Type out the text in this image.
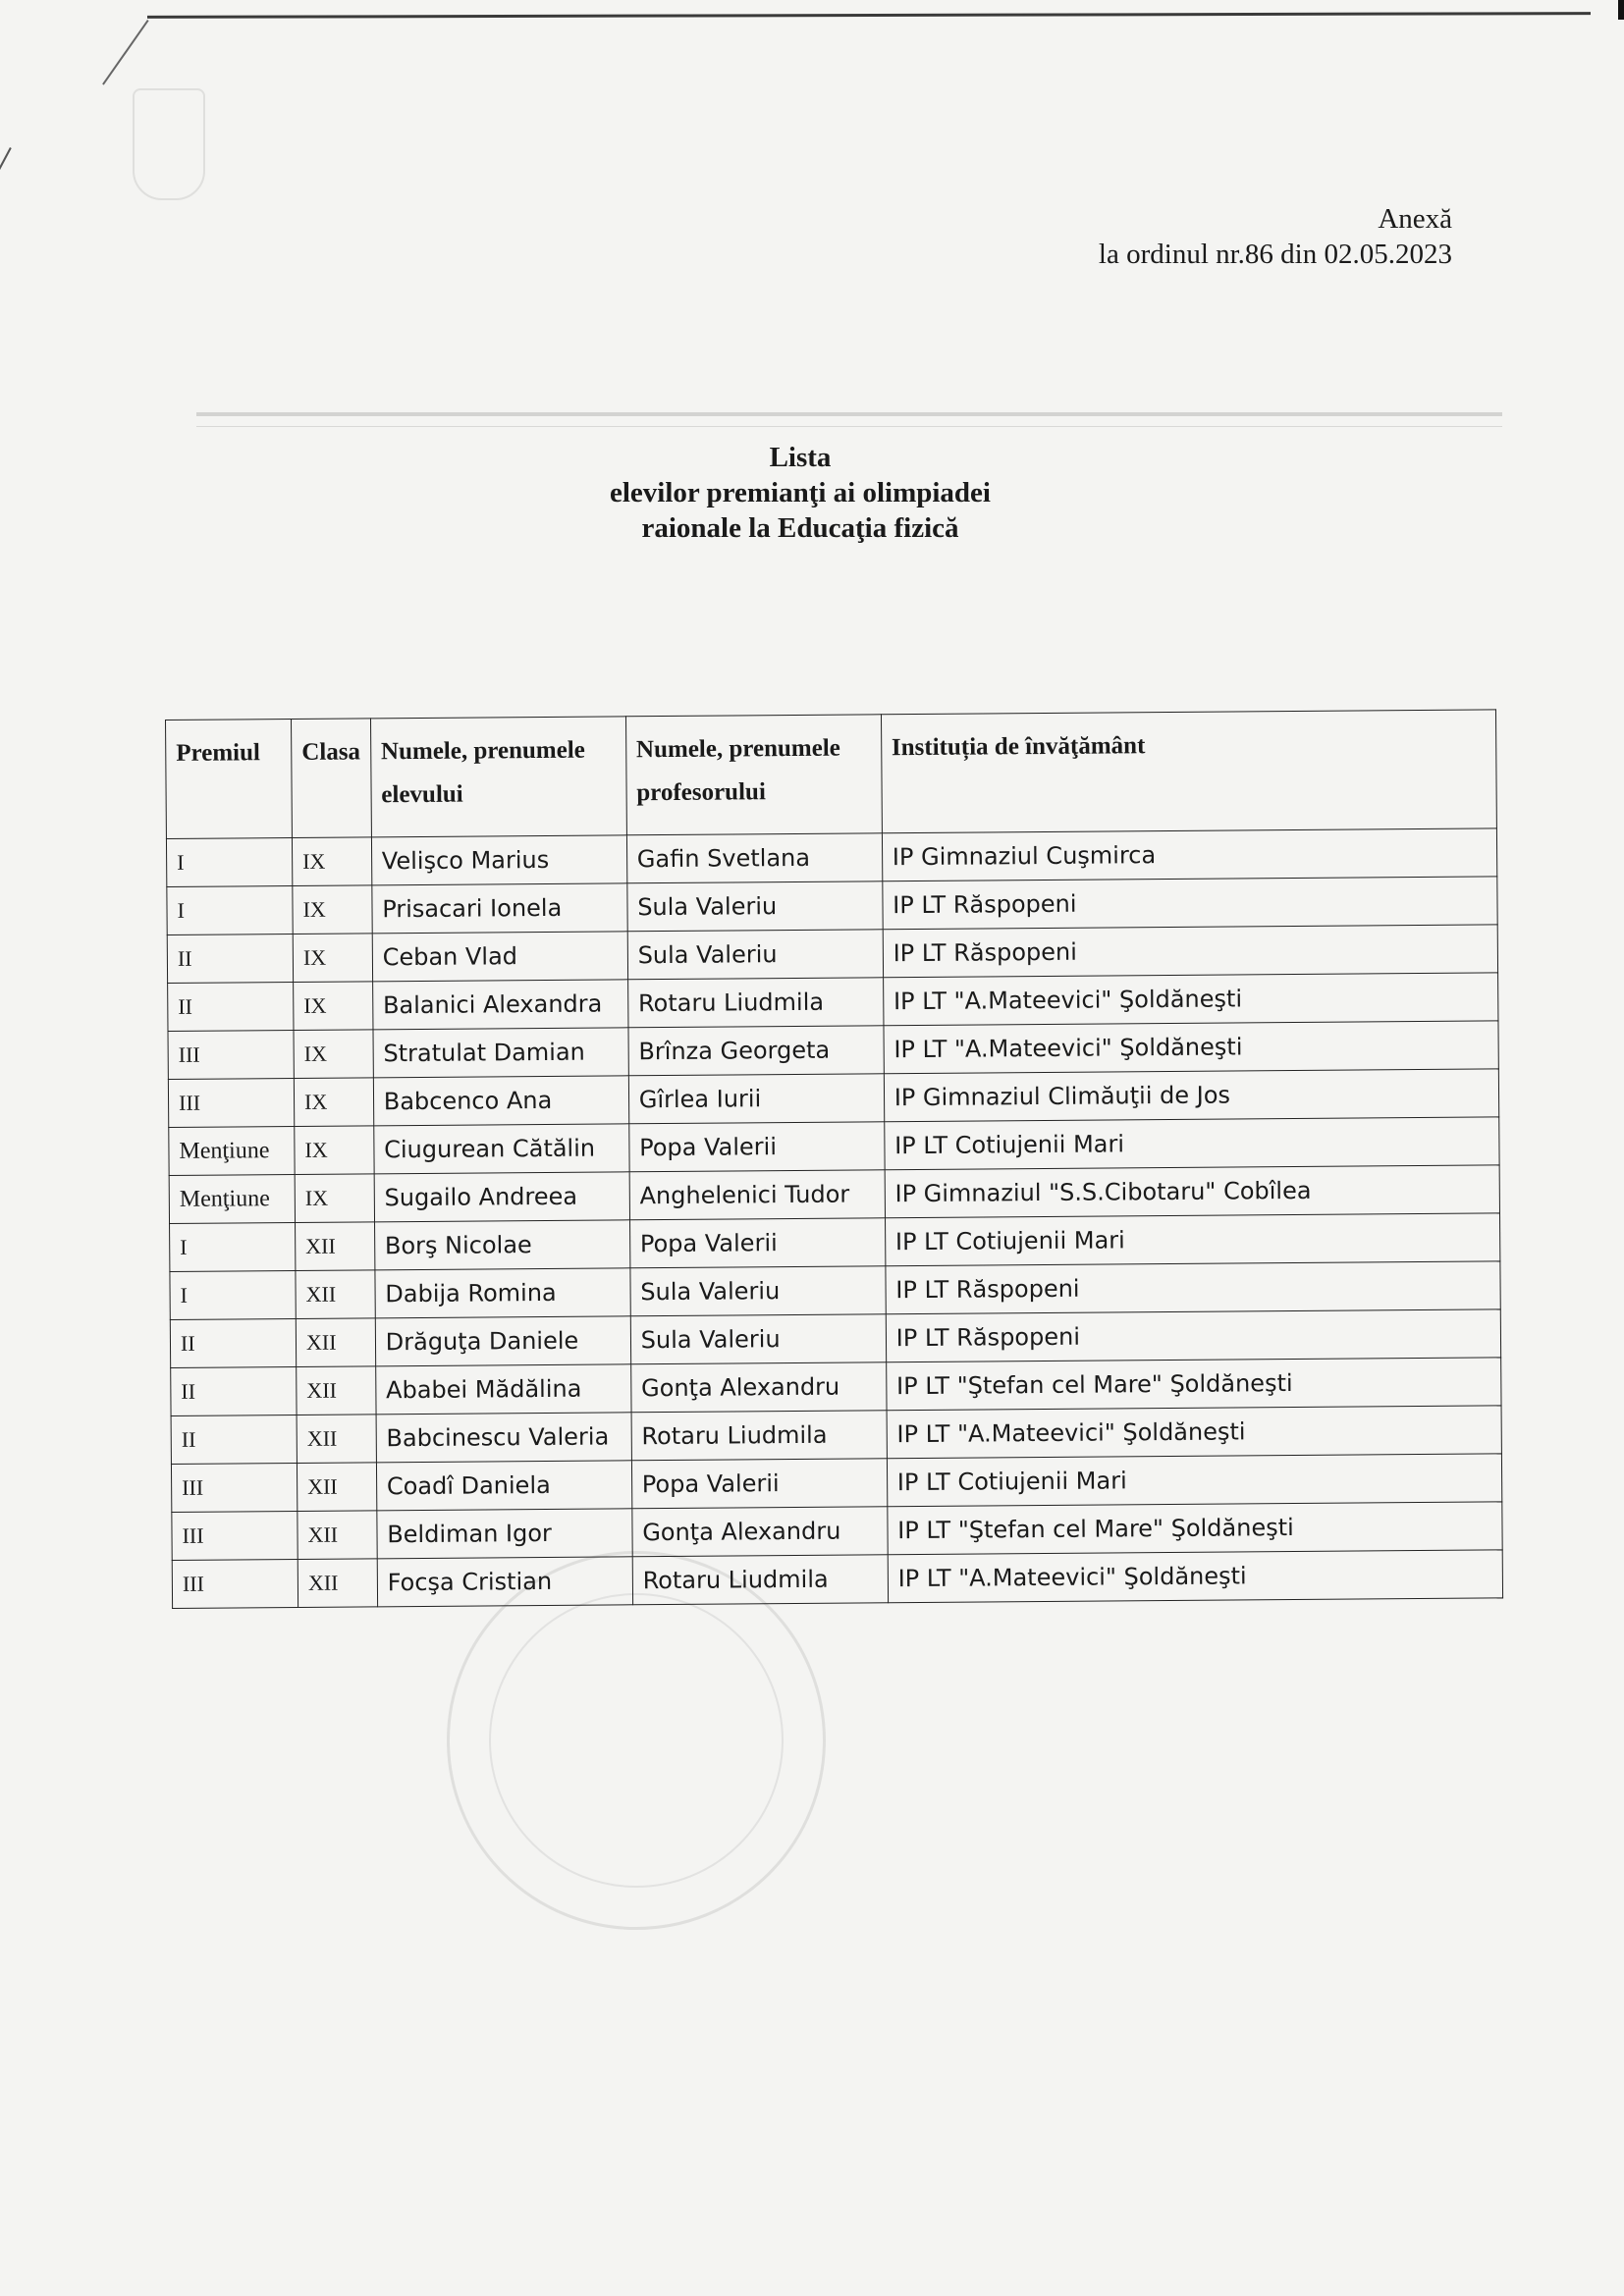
Anexă
la ordinul nr.86 din 02.05.2023
Lista
elevilor premianţi ai olimpiadei
raionale la Educaţia fizică
Premiul	Clasa	Numele, prenumele elevului	Numele, prenumele profesorului	Instituția de învăţământ
I	IX	Velişco Marius	Gafin Svetlana	IP Gimnaziul Cuşmirca
I	IX	Prisacari Ionela	Sula Valeriu	IP LT Răspopeni
II	IX	Ceban Vlad	Sula Valeriu	IP LT Răspopeni
II	IX	Balanici Alexandra	Rotaru Liudmila	IP LT "A.Mateevici" Şoldăneşti
III	IX	Stratulat Damian	Brînza Georgeta	IP LT "A.Mateevici" Şoldăneşti
III	IX	Babcenco Ana	Gîrlea Iurii	IP Gimnaziul Climăuţii de Jos
Menţiune	IX	Ciugurean Cătălin	Popa Valerii	IP LT Cotiujenii Mari
Menţiune	IX	Sugailo Andreea	Anghelenici Tudor	IP Gimnaziul "S.S.Cibotaru" Cobîlea
I	XII	Borş Nicolae	Popa Valerii	IP LT Cotiujenii Mari
I	XII	Dabija Romina	Sula Valeriu	IP LT Răspopeni
II	XII	Drăguţa Daniele	Sula Valeriu	IP LT Răspopeni
II	XII	Ababei Mădălina	Gonţa Alexandru	IP LT "Ştefan cel Mare" Şoldăneşti
II	XII	Babcinescu Valeria	Rotaru Liudmila	IP LT "A.Mateevici" Şoldăneşti
III	XII	Coadî Daniela	Popa Valerii	IP LT Cotiujenii Mari
III	XII	Beldiman Igor	Gonţa Alexandru	IP LT "Ştefan cel Mare" Şoldăneşti
III	XII	Focşa Cristian	Rotaru Liudmila	IP LT "A.Mateevici" Şoldăneşti
